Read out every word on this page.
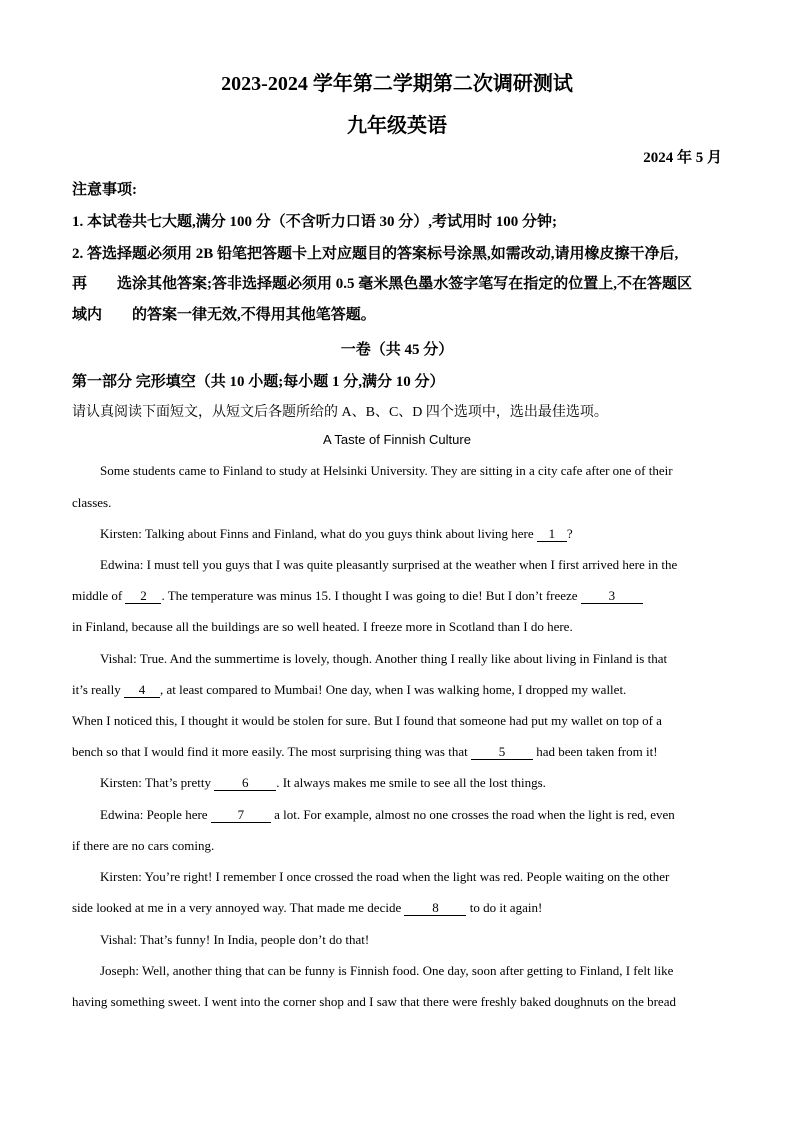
2023-2024 学年第二学期第二次调研测试
九年级英语
2024 年 5 月
注意事项:
1. 本试卷共七大题,满分 100 分（不含听力口语 30 分）,考试用时 100 分钟;
2. 答选择题必须用 2B 铅笔把答题卡上对应题目的答案标号涂黑,如需改动,请用橡皮擦干净后,
再 选涂其他答案;答非选择题必须用 0.5 毫米黑色墨水签字笔写在指定的位置上,不在答题区
域内 的答案一律无效,不得用其他笔答题。
一卷（共 45 分）
第一部分 完形填空（共 10 小题;每小题 1 分,满分 10 分）
请认真阅读下面短文，从短文后各题所给的 A、B、C、D 四个选项中，选出最佳选项。
A Taste of Finnish Culture
Some students came to Finland to study at Helsinki University. They are sitting in a city cafe after one of their
classes.
Kirsten: Talking about Finns and Finland, what do you guys think about living here 1 ?
Edwina: I must tell you guys that I was quite pleasantly surprised at the weather when I first arrived here in the
middle of 2 . The temperature was minus 15. I thought I was going to die! But I don’t freeze 3
in Finland, because all the buildings are so well heated. I freeze more in Scotland than I do here.
Vishal: True. And the summertime is lovely, though. Another thing I really like about living in Finland is that
it’s really 4 , at least compared to Mumbai! One day, when I was walking home, I dropped my wallet.
When I noticed this, I thought it would be stolen for sure. But I found that someone had put my wallet on top of a
bench so that I would find it more easily. The most surprising thing was that 5 had been taken from it!
Kirsten: That’s pretty 6 . It always makes me smile to see all the lost things.
Edwina: People here 7 a lot. For example, almost no one crosses the road when the light is red, even
if there are no cars coming.
Kirsten: You’re right! I remember I once crossed the road when the light was red. People waiting on the other
side looked at me in a very annoyed way. That made me decide 8 to do it again!
Vishal: That’s funny! In India, people don’t do that!
Joseph: Well, another thing that can be funny is Finnish food. One day, soon after getting to Finland, I felt like
having something sweet. I went into the corner shop and I saw that there were freshly baked doughnuts on the bread
